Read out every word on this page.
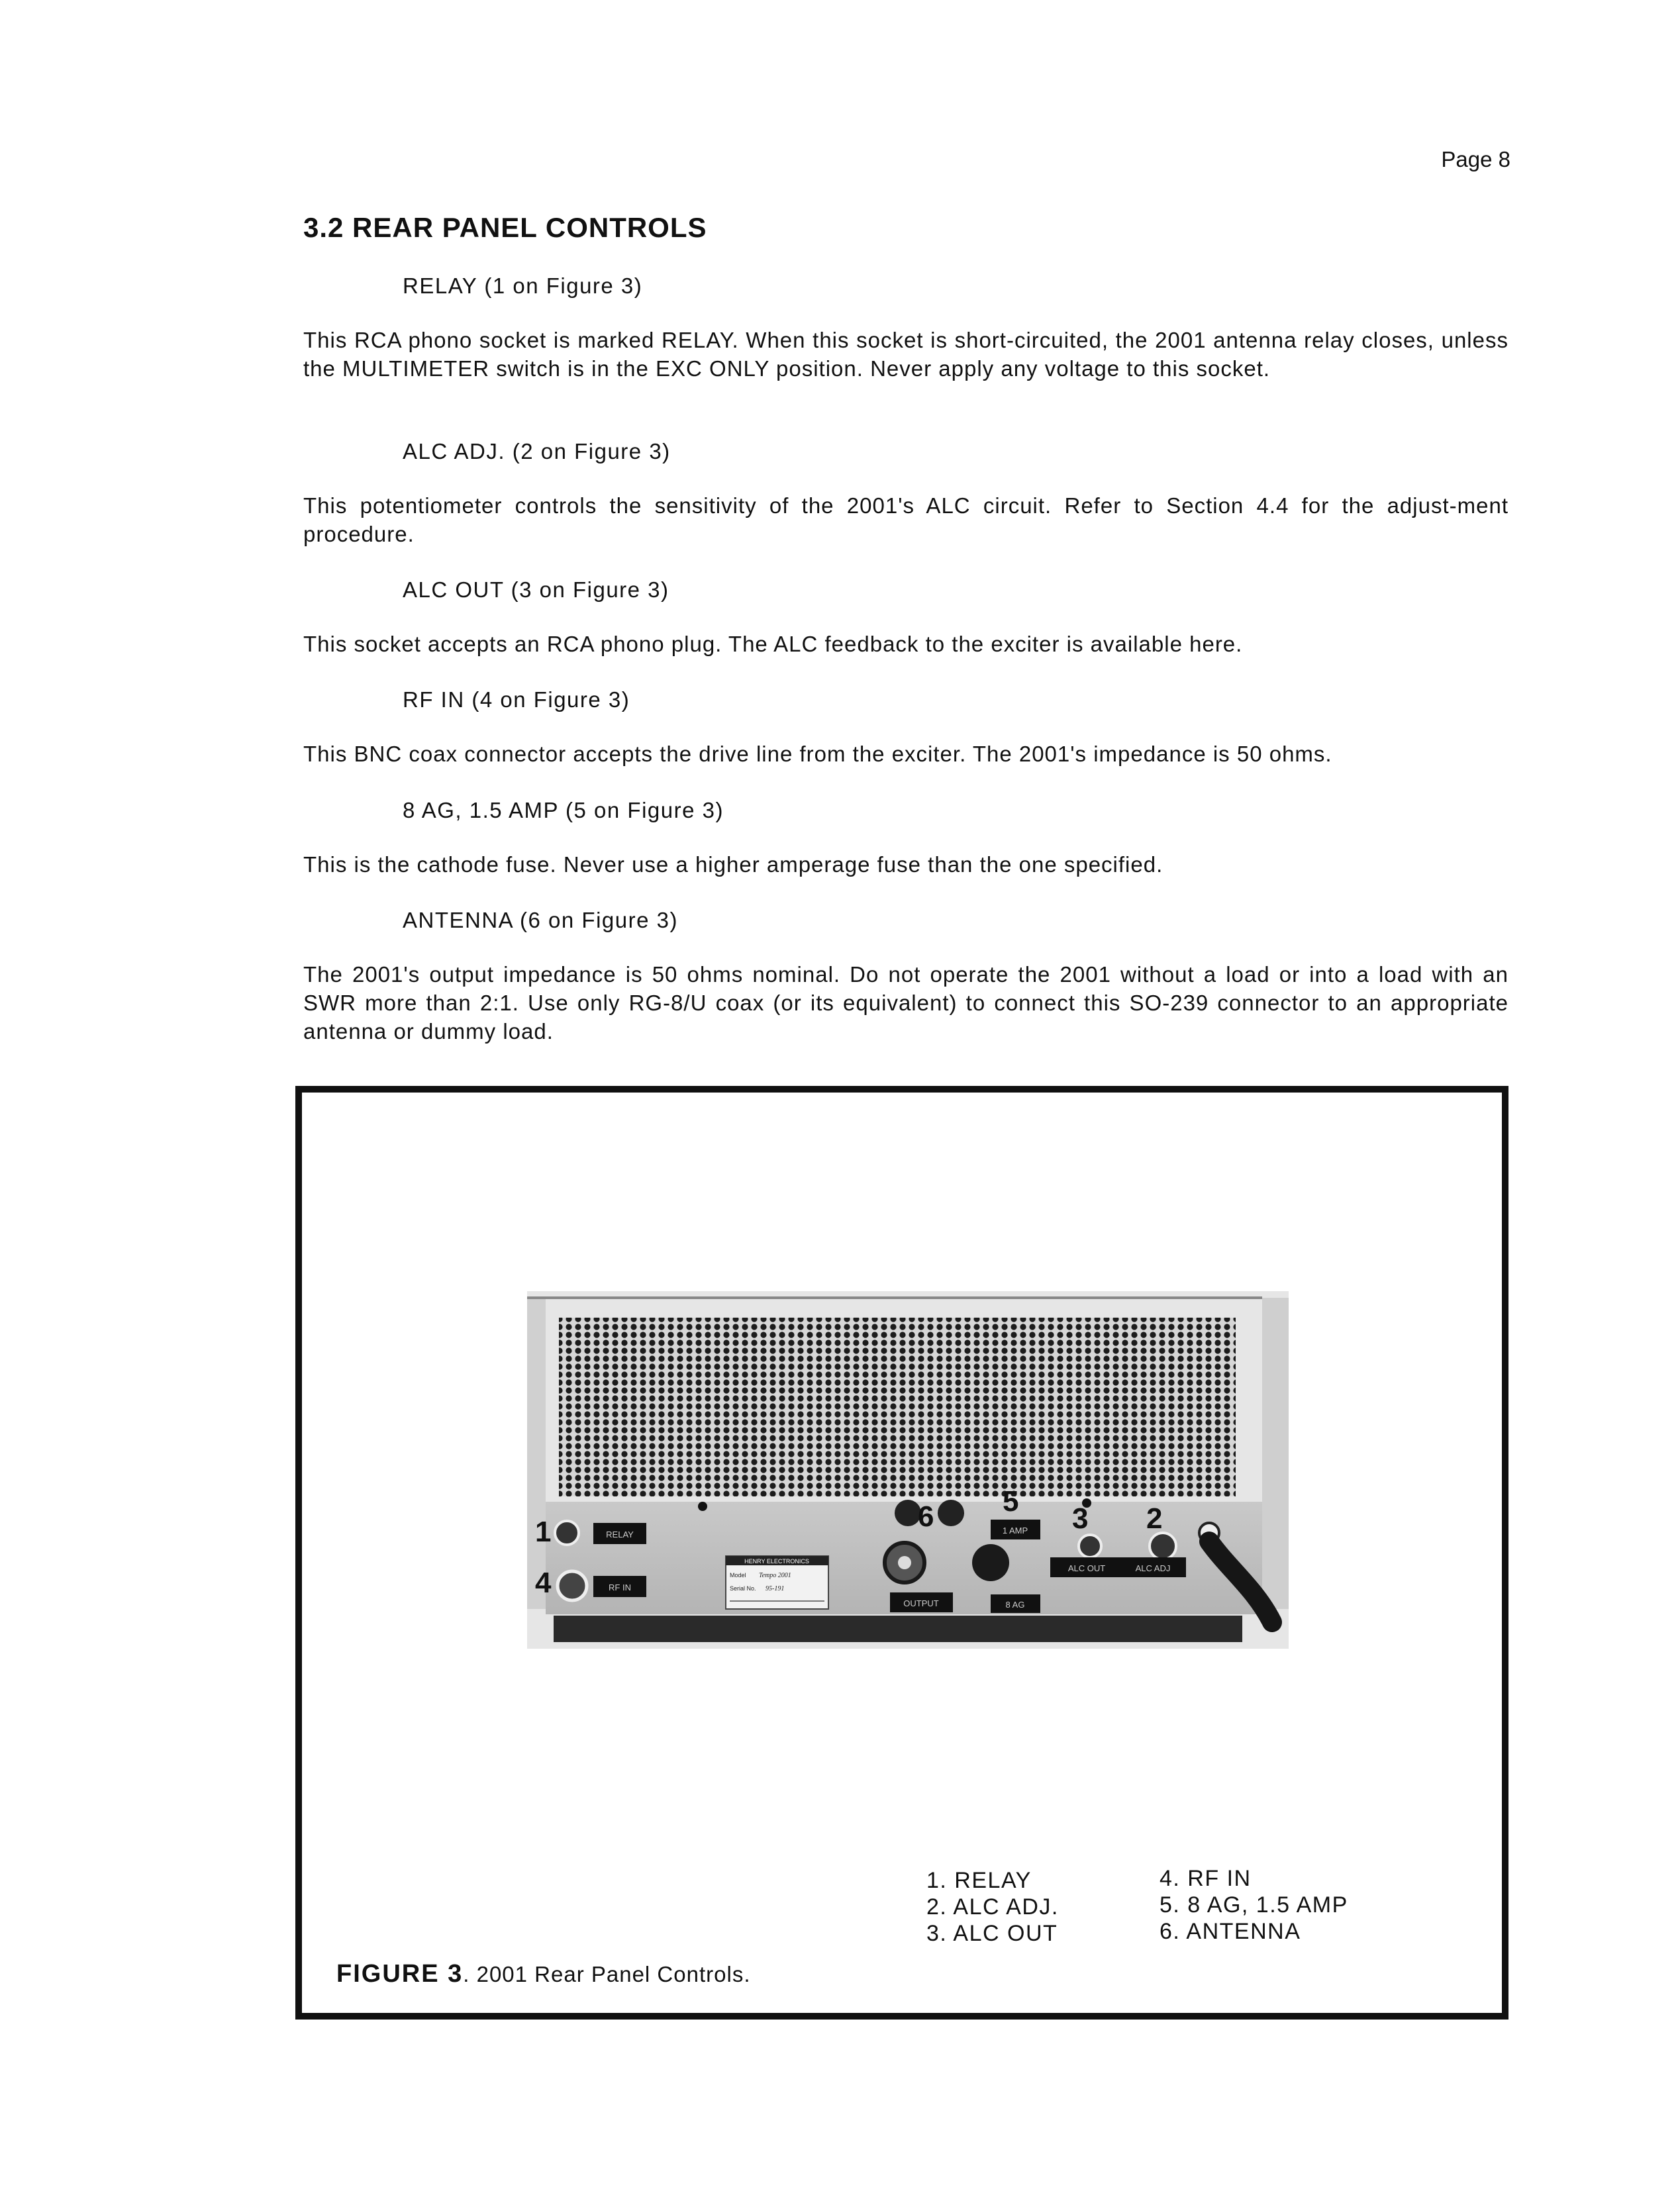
Page 8
3.2 REAR PANEL CONTROLS

RELAY (1 on Figure 3)

This RCA phono socket is marked RELAY. When this socket is short-circuited, the 2001 antenna relay closes, unless the MULTIMETER switch is in the EXC ONLY position. Never apply any voltage to this socket.

ALC ADJ. (2 on Figure 3)

This potentiometer controls the sensitivity of the 2001's ALC circuit. Refer to Section 4.4 for the adjust-ment procedure.

ALC OUT (3 on Figure 3)

This socket accepts an RCA phono plug. The ALC feedback to the exciter is available here.

RF IN (4 on Figure 3)

This BNC coax connector accepts the drive line from the exciter. The 2001's impedance is 50 ohms.

8 AG, 1.5 AMP (5 on Figure 3)

This is the cathode fuse. Never use a higher amperage fuse than the one specified.

ANTENNA (6 on Figure 3)

The 2001's output impedance is 50 ohms nominal. Do not operate the 2001 without a load or into a load with an SWR more than 2:1. Use only RG-8/U coax (or its equivalent) to connect this SO-239 connector to an appropriate antenna or dummy load.

RELAY
RF IN
HENRY ELECTRONICS
Model Tempo 2001
Serial No. 95-191
OUTPUT
1 AMP
8 AG
ALC OUT	ALC ADJ
1	2
3
4
5
6
1. RELAY
2. ALC ADJ.
3. ALC OUT
4. RF IN
5. 8 AG, 1.5 AMP
6. ANTENNA
FIGURE 3. 2001 Rear Panel Controls.
